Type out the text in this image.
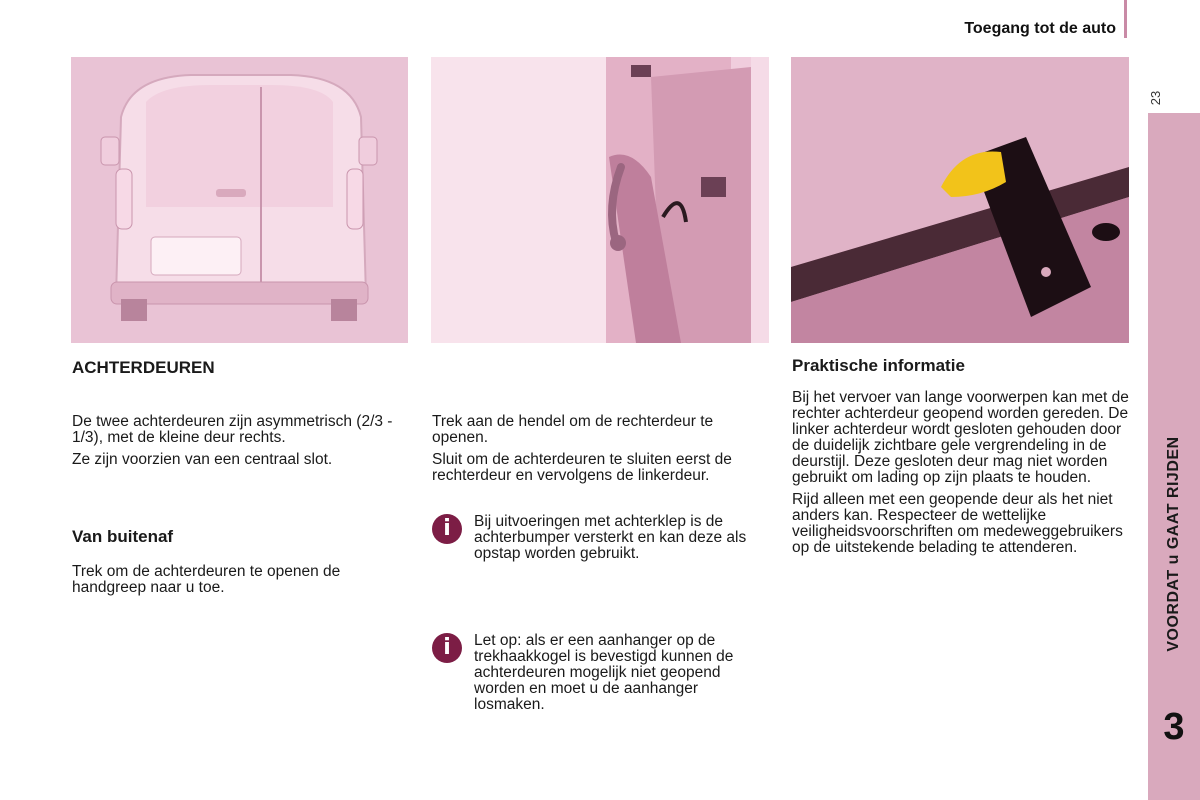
Toegang tot de auto
23
VOORDAT u GAAT RIJDEN
3
ACHTERDEUREN

De twee achterdeuren zijn asymmetrisch (2/3 - 1/3), met de kleine deur rechts.

Ze zijn voorzien van een centraal slot.

Van buitenaf

Trek om de achterdeuren te openen de handgreep naar u toe.

Trek aan de hendel om de rechterdeur te openen.

Sluit om de achterdeuren te sluiten eerst de rechterdeur en vervolgens de linkerdeur.

i	Bij uitvoeringen met achterklep is de achterbumper versterkt en kan deze als opstap worden gebruikt.
i	Let op: als er een aanhanger op de trekhaakkogel is bevestigd kunnen de achterdeuren mogelijk niet geopend worden en moet u de aanhanger losmaken.
Praktische informatie

Bij het vervoer van lange voorwerpen kan met de rechter achterdeur geopend worden gereden. De linker achterdeur wordt gesloten gehouden door de duidelijk zichtbare gele vergrendeling in de deurstijl. Deze gesloten deur mag niet worden gebruikt om lading op zijn plaats te houden.

Rijd alleen met een geopende deur als het niet anders kan. Respecteer de wettelijke veiligheidsvoorschriften om medeweggebruikers op de uitstekende belading te attenderen.
